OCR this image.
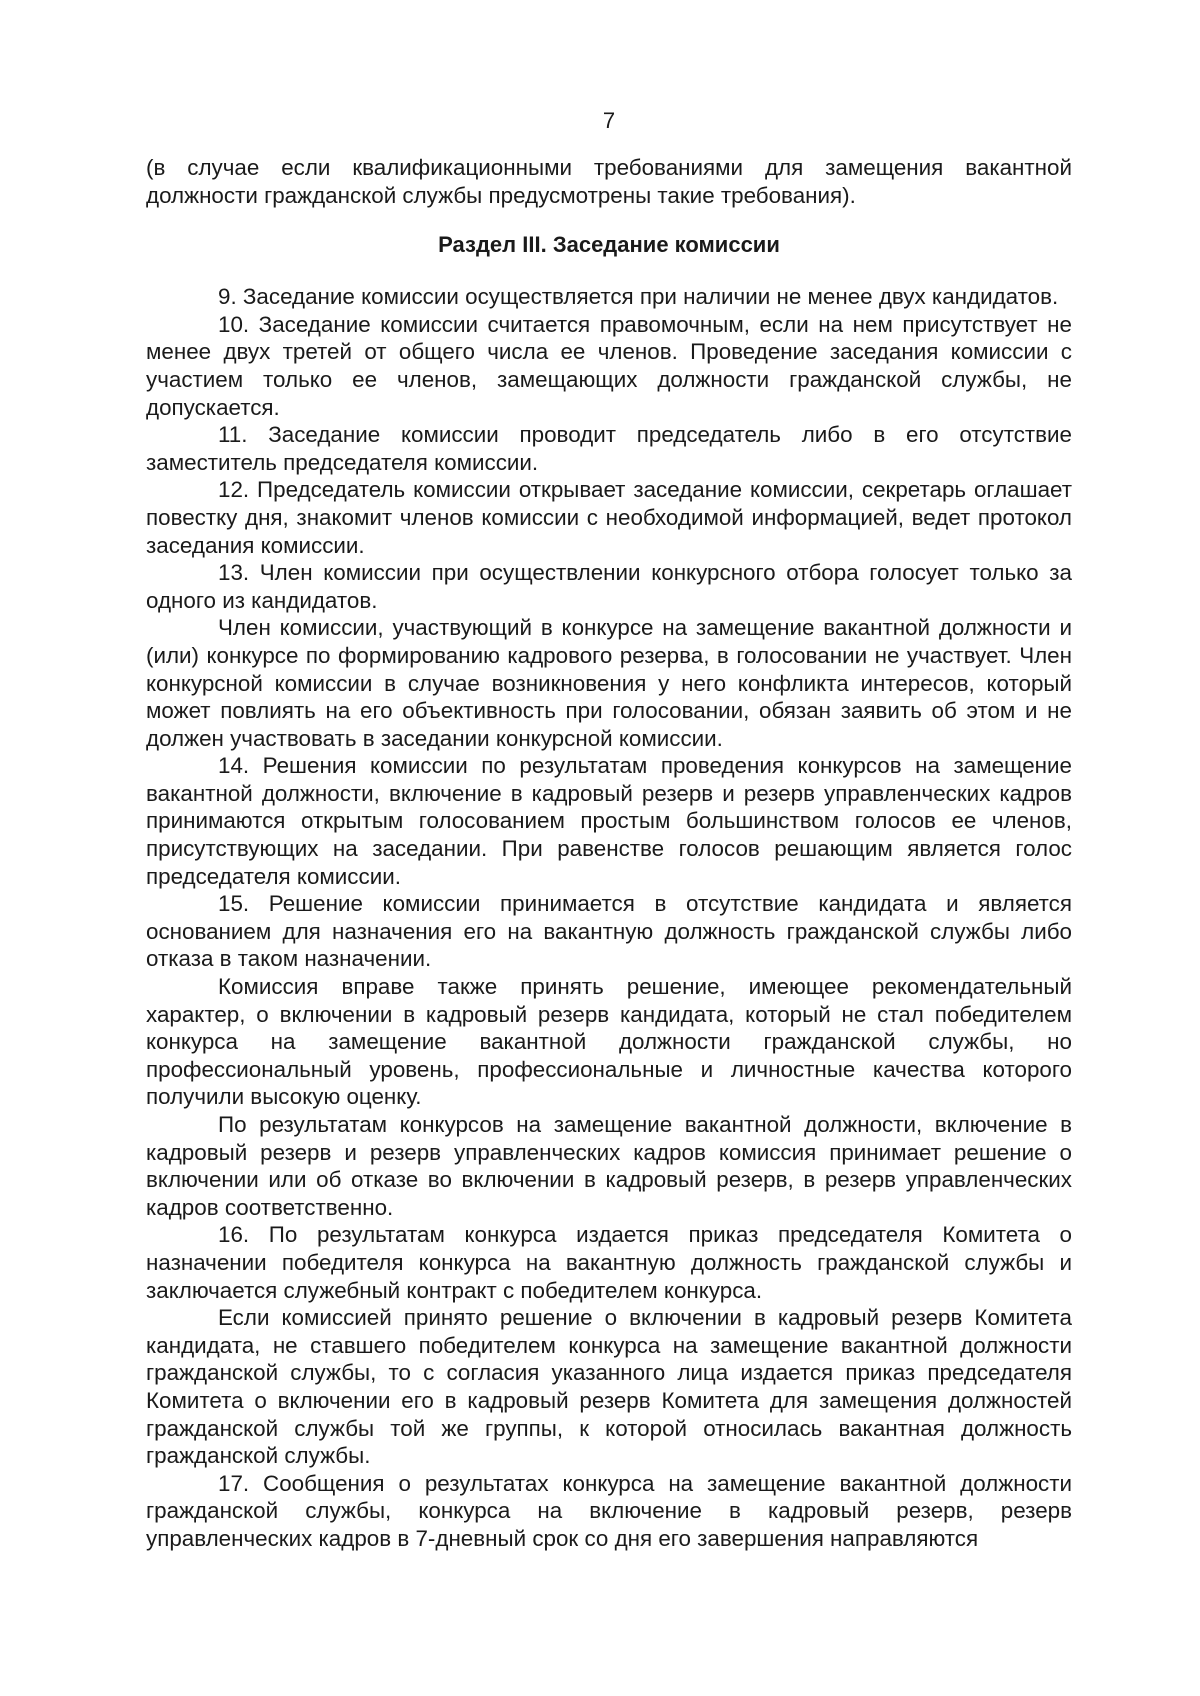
7

(в случае если квалификационными требованиями для замещения вакантной должности гражданской службы предусмотрены такие требования).

Раздел III. Заседание комиссии

9. Заседание комиссии осуществляется при наличии не менее двух кандидатов.

10. Заседание комиссии считается правомочным, если на нем присутствует не менее двух третей от общего числа ее членов. Проведение заседания комиссии с участием только ее членов, замещающих должности гражданской службы, не допускается.

11. Заседание комиссии проводит председатель либо в его отсутствие заместитель председателя комиссии.

12. Председатель комиссии открывает заседание комиссии, секретарь оглашает повестку дня, знакомит членов комиссии с необходимой информацией, ведет протокол заседания комиссии.

13. Член комиссии при осуществлении конкурсного отбора голосует только за одного из кандидатов.

Член комиссии, участвующий в конкурсе на замещение вакантной должности и (или) конкурсе по формированию кадрового резерва, в голосовании не участвует. Член конкурсной комиссии в случае возникновения у него конфликта интересов, который может повлиять на его объективность при голосовании, обязан заявить об этом и не должен участвовать в заседании конкурсной комиссии.

14. Решения комиссии по результатам проведения конкурсов на замещение вакантной должности, включение в кадровый резерв и резерв управленческих кадров принимаются открытым голосованием простым большинством голосов ее членов, присутствующих на заседании. При равенстве голосов решающим является голос председателя комиссии.

15. Решение комиссии принимается в отсутствие кандидата и является основанием для назначения его на вакантную должность гражданской службы либо отказа в таком назначении.

Комиссия вправе также принять решение, имеющее рекомендательный характер, о включении в кадровый резерв кандидата, который не стал победителем конкурса на замещение вакантной должности гражданской службы, но профессиональный уровень, профессиональные и личностные качества которого получили высокую оценку.

По результатам конкурсов на замещение вакантной должности, включение в кадровый резерв и резерв управленческих кадров комиссия принимает решение о включении или об отказе во включении в кадровый резерв, в резерв управленческих кадров соответственно.

16. По результатам конкурса издается приказ председателя Комитета о назначении победителя конкурса на вакантную должность гражданской службы и заключается служебный контракт с победителем конкурса.

Если комиссией принято решение о включении в кадровый резерв Комитета кандидата, не ставшего победителем конкурса на замещение вакантной должности гражданской службы, то с согласия указанного лица издается приказ председателя Комитета о включении его в кадровый резерв Комитета для замещения должностей гражданской службы той же группы, к которой относилась вакантная должность гражданской службы.

17. Сообщения о результатах конкурса на замещение вакантной должности гражданской службы, конкурса на включение в кадровый резерв, резерв управленческих кадров в 7-дневный срок со дня его завершения направляются
